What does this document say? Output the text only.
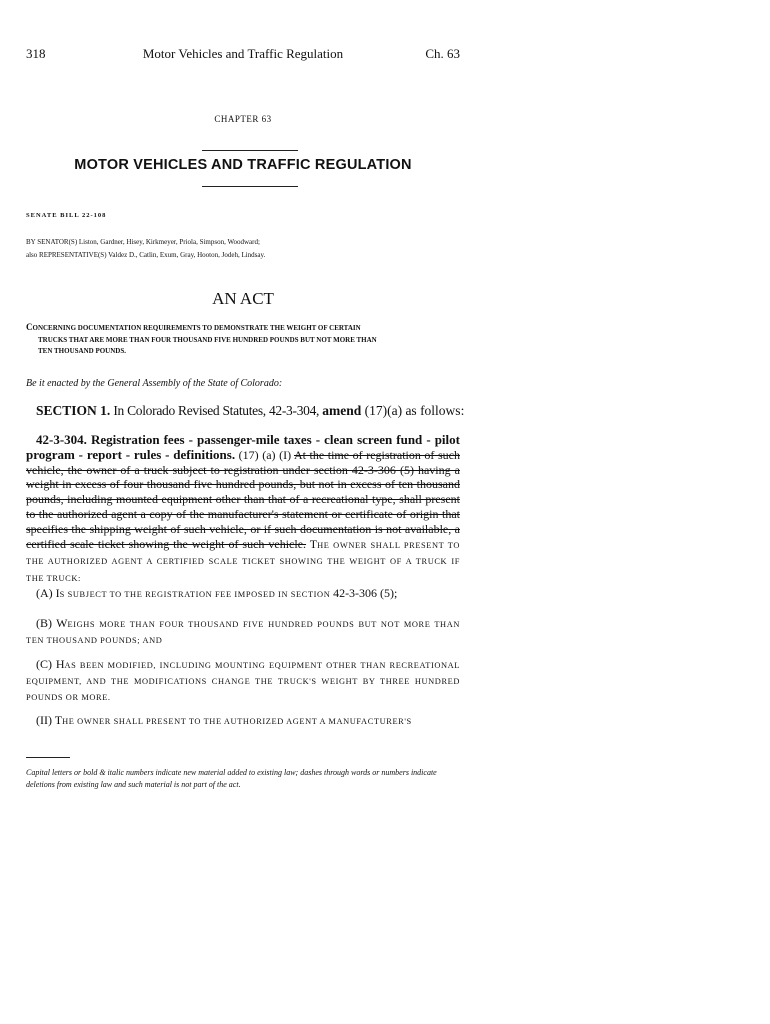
318	Motor Vehicles and Traffic Regulation	Ch. 63
CHAPTER 63
MOTOR VEHICLES AND TRAFFIC REGULATION
SENATE BILL 22-108
BY SENATOR(S) Liston, Gardner, Hisey, Kirkmeyer, Priola, Simpson, Woodward;
also REPRESENTATIVE(S) Valdez D., Catlin, Exum, Gray, Hooton, Jodeh, Lindsay.
AN ACT
CONCERNING DOCUMENTATION REQUIREMENTS TO DEMONSTRATE THE WEIGHT OF CERTAIN
TRUCKS THAT ARE MORE THAN FOUR THOUSAND FIVE HUNDRED POUNDS BUT NOT MORE THAN
TEN THOUSAND POUNDS.
Be it enacted by the General Assembly of the State of Colorado:
SECTION 1. In Colorado Revised Statutes, 42-3-304, amend (17)(a) as follows:

42-3-304. Registration fees - passenger-mile taxes - clean screen fund - pilot program - report - rules - definitions. (17) (a) (I) At the time of registration of such vehicle, the owner of a truck subject to registration under section 42-3-306 (5) having a weight in excess of four thousand five hundred pounds, but not in excess of ten thousand pounds, including mounted equipment other than that of a recreational type, shall present to the authorized agent a copy of the manufacturer's statement or certificate of origin that specifies the shipping weight of such vehicle, or if such documentation is not available, a certified scale ticket showing the weight of such vehicle. THE OWNER SHALL PRESENT TO THE AUTHORIZED AGENT A CERTIFIED SCALE TICKET SHOWING THE WEIGHT OF A TRUCK IF THE TRUCK:

(A) IS SUBJECT TO THE REGISTRATION FEE IMPOSED IN SECTION 42-3-306 (5);
(B) WEIGHS MORE THAN FOUR THOUSAND FIVE HUNDRED POUNDS BUT NOT MORE THAN TEN THOUSAND POUNDS; AND
(C) HAS BEEN MODIFIED, INCLUDING MOUNTING EQUIPMENT OTHER THAN RECREATIONAL EQUIPMENT, AND THE MODIFICATIONS CHANGE THE TRUCK'S WEIGHT BY THREE HUNDRED POUNDS OR MORE.
(II) THE OWNER SHALL PRESENT TO THE AUTHORIZED AGENT A MANUFACTURER'S
Capital letters or bold & italic numbers indicate new material added to existing law; dashes through words or numbers indicate deletions from existing law and such material is not part of the act.
